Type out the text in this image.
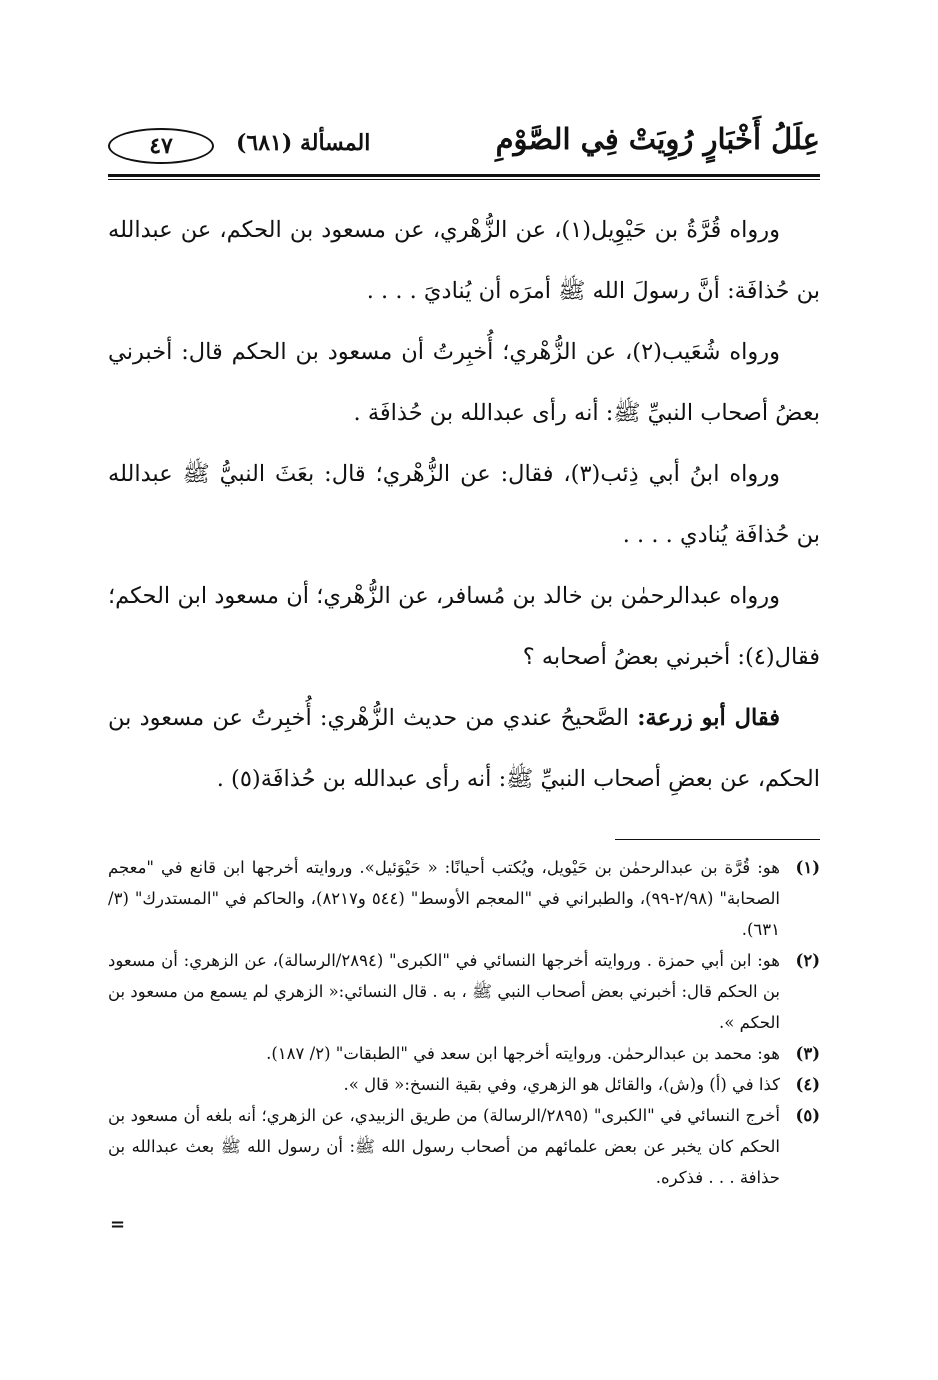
عِلَلُ أَخْبَارٍ رُوِيَتْ فِي الصَّوْمِ
المسألة (٦٨١)
٤٧

ورواه قُرَّةُ بن حَيْوِيل(١)، عن الزُّهْري، عن مسعود بن الحكم، عن عبدالله بن حُذافَة: أنَّ رسولَ الله ﷺ أمرَه أن يُناديَ . . . .

ورواه شُعَيب(٢)، عن الزُّهْري؛ أُخبِرتُ أن مسعود بن الحكم قال: أخبرني بعضُ أصحاب النبيِّ ﷺ: أنه رأى عبدالله بن حُذافَة .

ورواه ابنُ أبي ذِئب(٣)، فقال: عن الزُّهْري؛ قال: بعَثَ النبيُّ ﷺ عبدالله بن حُذافَة يُنادي . . . .

ورواه عبدالرحمٰن بن خالد بن مُسافر، عن الزُّهْري؛ أن مسعود ابن الحكم؛ فقال(٤): أخبرني بعضُ أصحابه ؟

فقال أبو زرعة: الصَّحيحُ عندي من حديث الزُّهْري: أُخبِرتُ عن مسعود بن الحكم، عن بعضِ أصحاب النبيِّ ﷺ: أنه رأى عبدالله بن حُذافَة(٥) .

(١)
هو: قُرَّة بن عبدالرحمٰن بن حَيْويل، ويُكتب أحيانًا: « حَيْوَئيل». وروايته أخرجها ابن قانع في "معجم الصحابة" (٢/٩٨-٩٩)، والطبراني في "المعجم الأوسط" (٥٤٤ و٨٢١٧)، والحاكم في "المستدرك" (٣/ ٦٣١).
(٢)
هو: ابن أبي حمزة . وروايته أخرجها النسائي في "الكبرى" (٢٨٩٤/الرسالة)، عن الزهري: أن مسعود بن الحكم قال: أخبرني بعض أصحاب النبي ﷺ ، به . قال النسائي:« الزهري لم يسمع من مسعود بن الحكم ».
(٣)
هو: محمد بن عبدالرحمٰن. وروايته أخرجها ابن سعد في "الطبقات" (٢/ ١٨٧).
(٤)
كذا في (أ) و(ش)، والقائل هو الزهري، وفي بقية النسخ:« قال ».
(٥)
أخرج النسائي في "الكبرى" (٢٨٩٥/الرسالة) من طريق الزبيدي، عن الزهري؛ أنه بلغه أن مسعود بن الحكم كان يخبر عن بعض علمائهم من أصحاب رسول الله ﷺ: أن رسول الله ﷺ بعث عبدالله بن حذافة . . . فذكره.
=
